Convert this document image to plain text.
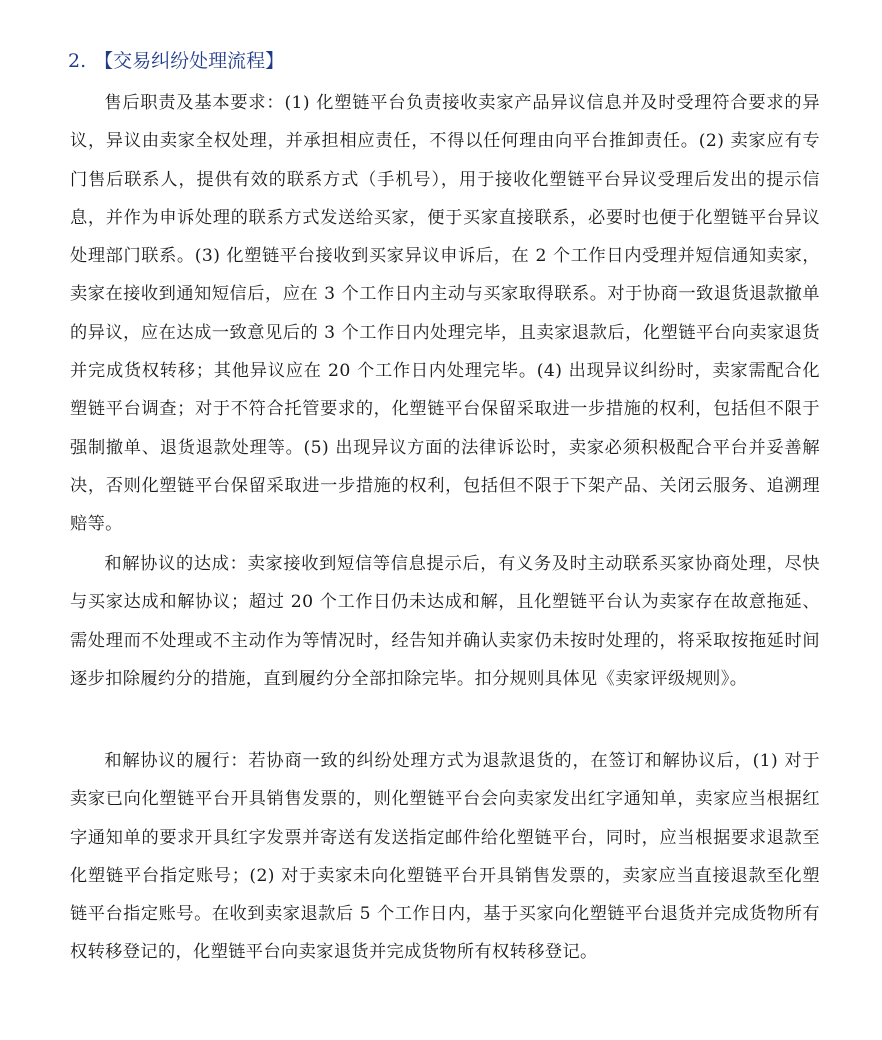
2. 【交易纠纷处理流程】

售后职责及基本要求：(1) 化塑链平台负责接收卖家产品异议信息并及时受理符合要求的异议，异议由卖家全权处理，并承担相应责任，不得以任何理由向平台推卸责任。(2) 卖家应有专门售后联系人，提供有效的联系方式（手机号），用于接收化塑链平台异议受理后发出的提示信息，并作为申诉处理的联系方式发送给买家，便于买家直接联系，必要时也便于化塑链平台异议处理部门联系。(3) 化塑链平台接收到买家异议申诉后，在 2 个工作日内受理并短信通知卖家，卖家在接收到通知短信后，应在 3 个工作日内主动与买家取得联系。对于协商一致退货退款撤单的异议，应在达成一致意见后的 3 个工作日内处理完毕，且卖家退款后，化塑链平台向卖家退货并完成货权转移；其他异议应在 20 个工作日内处理完毕。(4) 出现异议纠纷时，卖家需配合化塑链平台调查；对于不符合托管要求的，化塑链平台保留采取进一步措施的权利，包括但不限于强制撤单、退货退款处理等。(5) 出现异议方面的法律诉讼时，卖家必须积极配合平台并妥善解决，否则化塑链平台保留采取进一步措施的权利，包括但不限于下架产品、关闭云服务、追溯理赔等。

和解协议的达成：卖家接收到短信等信息提示后，有义务及时主动联系买家协商处理，尽快与买家达成和解协议；超过 20 个工作日仍未达成和解，且化塑链平台认为卖家存在故意拖延、需处理而不处理或不主动作为等情况时，经告知并确认卖家仍未按时处理的，将采取按拖延时间逐步扣除履约分的措施，直到履约分全部扣除完毕。扣分规则具体见《卖家评级规则》。

和解协议的履行：若协商一致的纠纷处理方式为退款退货的，在签订和解协议后，(1) 对于卖家已向化塑链平台开具销售发票的，则化塑链平台会向卖家发出红字通知单，卖家应当根据红字通知单的要求开具红字发票并寄送有发送指定邮件给化塑链平台，同时，应当根据要求退款至化塑链平台指定账号；(2) 对于卖家未向化塑链平台开具销售发票的，卖家应当直接退款至化塑链平台指定账号。在收到卖家退款后 5 个工作日内，基于买家向化塑链平台退货并完成货物所有权转移登记的，化塑链平台向卖家退货并完成货物所有权转移登记。
